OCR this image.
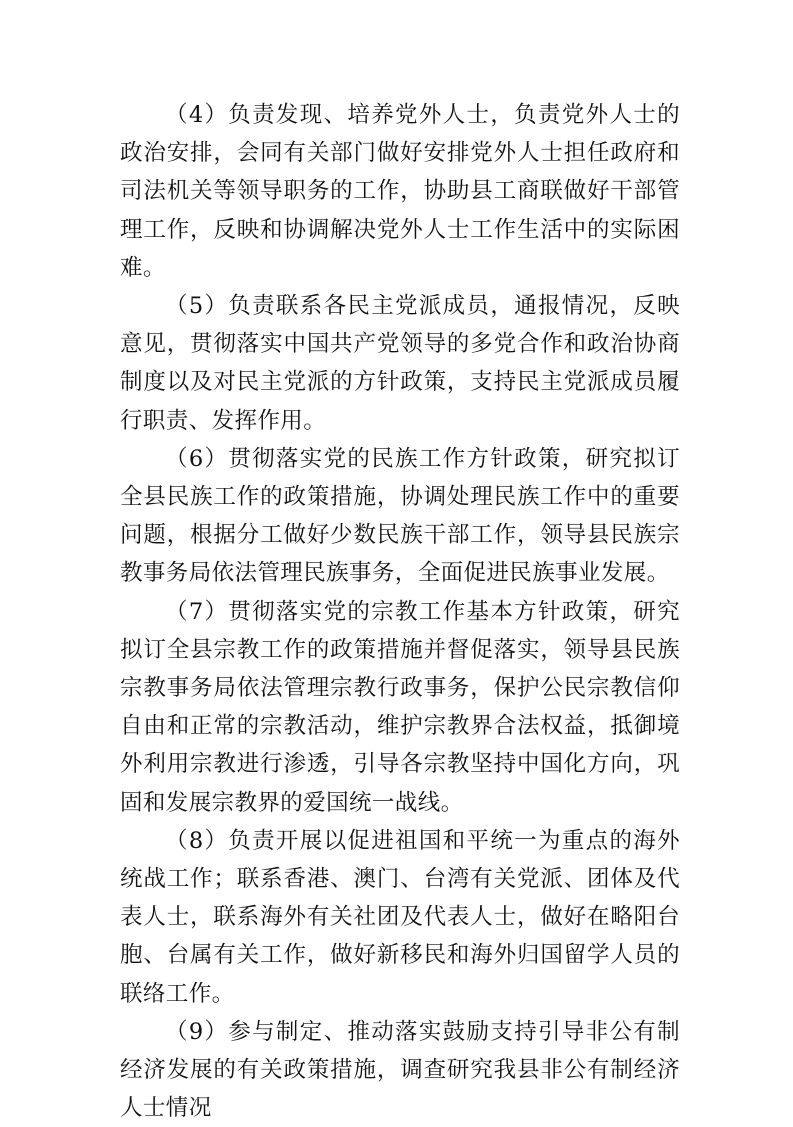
（4）负责发现、培养党外人士，负责党外人士的政治安排，会同有关部门做好安排党外人士担任政府和司法机关等领导职务的工作，协助县工商联做好干部管理工作，反映和协调解决党外人士工作生活中的实际困难。

（5）负责联系各民主党派成员，通报情况，反映意见，贯彻落实中国共产党领导的多党合作和政治协商制度以及对民主党派的方针政策，支持民主党派成员履行职责、发挥作用。

（6）贯彻落实党的民族工作方针政策，研究拟订全县民族工作的政策措施，协调处理民族工作中的重要问题，根据分工做好少数民族干部工作，领导县民族宗教事务局依法管理民族事务，全面促进民族事业发展。

（7）贯彻落实党的宗教工作基本方针政策，研究拟订全县宗教工作的政策措施并督促落实，领导县民族宗教事务局依法管理宗教行政事务，保护公民宗教信仰自由和正常的宗教活动，维护宗教界合法权益，抵御境外利用宗教进行渗透，引导各宗教坚持中国化方向，巩固和发展宗教界的爱国统一战线。

（8）负责开展以促进祖国和平统一为重点的海外统战工作；联系香港、澳门、台湾有关党派、团体及代表人士，联系海外有关社团及代表人士，做好在略阳台胞、台属有关工作，做好新移民和海外归国留学人员的联络工作。

（9）参与制定、推动落实鼓励支持引导非公有制经济发展的有关政策措施，调查研究我县非公有制经济人士情况
